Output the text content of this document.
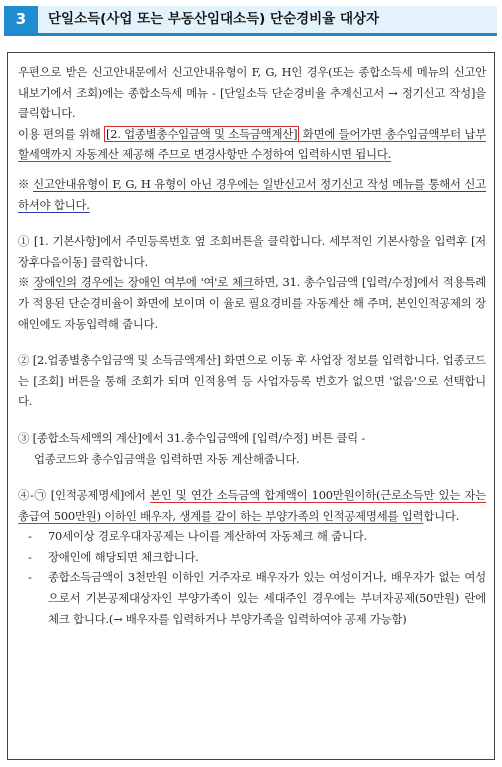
3	단일소득(사업 또는 부동산임대소득) 단순경비율 대상자

우편으로 받은 신고안내문에서 신고안내유형이 F, G, H인 경우(또는 종합소득세 메뉴의 신고안내보기에서 조회)에는 종합소득세 메뉴 - [단일소득 단순경비율 추계신고서 → 정기신고 작성]을 클릭합니다.

이용 편의를 위해 [2. 업종별총수입금액 및 소득금액계산] 화면에 들어가면 총수입금액부터 납부할세액까지 자동계산 제공해 주므로 변경사항만 수정하여 입력하시면 됩니다.

※ 신고안내유형이 F, G, H 유형이 아닌 경우에는 일반신고서 정기신고 작성 메뉴를 통해서 신고하셔야 합니다.

① [1. 기본사항]에서 주민등록번호 옆 조회버튼을 클릭합니다. 세부적인 기본사항을 입력후 [저장후다음이동] 클릭합니다.

※ 장애인의 경우에는 장애인 여부에 '여'로 체크하면, 31. 총수입금액 [입력/수정]에서 적용특례가 적용된 단순경비율이 화면에 보이며 이 율로 필요경비를 자동계산 해 주며, 본인인적공제의 장애인에도 자동입력해 줍니다.

② [2.업종별총수입금액 및 소득금액계산] 화면으로 이동 후 사업장 정보를 입력합니다. 업종코드는 [조회] 버튼을 통해 조회가 되며 인적용역 등 사업자등록 번호가 없으면 '없음'으로 선택합니다.

③ [종합소득세액의 계산]에서 31.총수입금액에 [입력/수정] 버튼 클릭 -

업종코드와 총수입금액을 입력하면 자동 계산해줍니다.

④-㉠ [인적공제명세]에서 본인 및 연간 소득금액 합계액이 100만원이하(근로소득만 있는 자는 총급여 500만원) 이하인 배우자, 생계를 같이 하는 부양가족의 인적공제명세를 입력합니다.

- 70세이상 경로우대자공제는 나이를 계산하여 자동체크 해 줍니다.

- 장애인에 해당되면 체크합니다.

- 종합소득금액이 3천만원 이하인 거주자로 배우자가 있는 여성이거나, 배우자가 없는 여성으로서 기본공제대상자인 부양가족이 있는 세대주인 경우에는 부녀자공제(50만원) 란에 체크 합니다.(→ 배우자를 입력하거나 부양가족을 입력하여야 공제 가능함)
